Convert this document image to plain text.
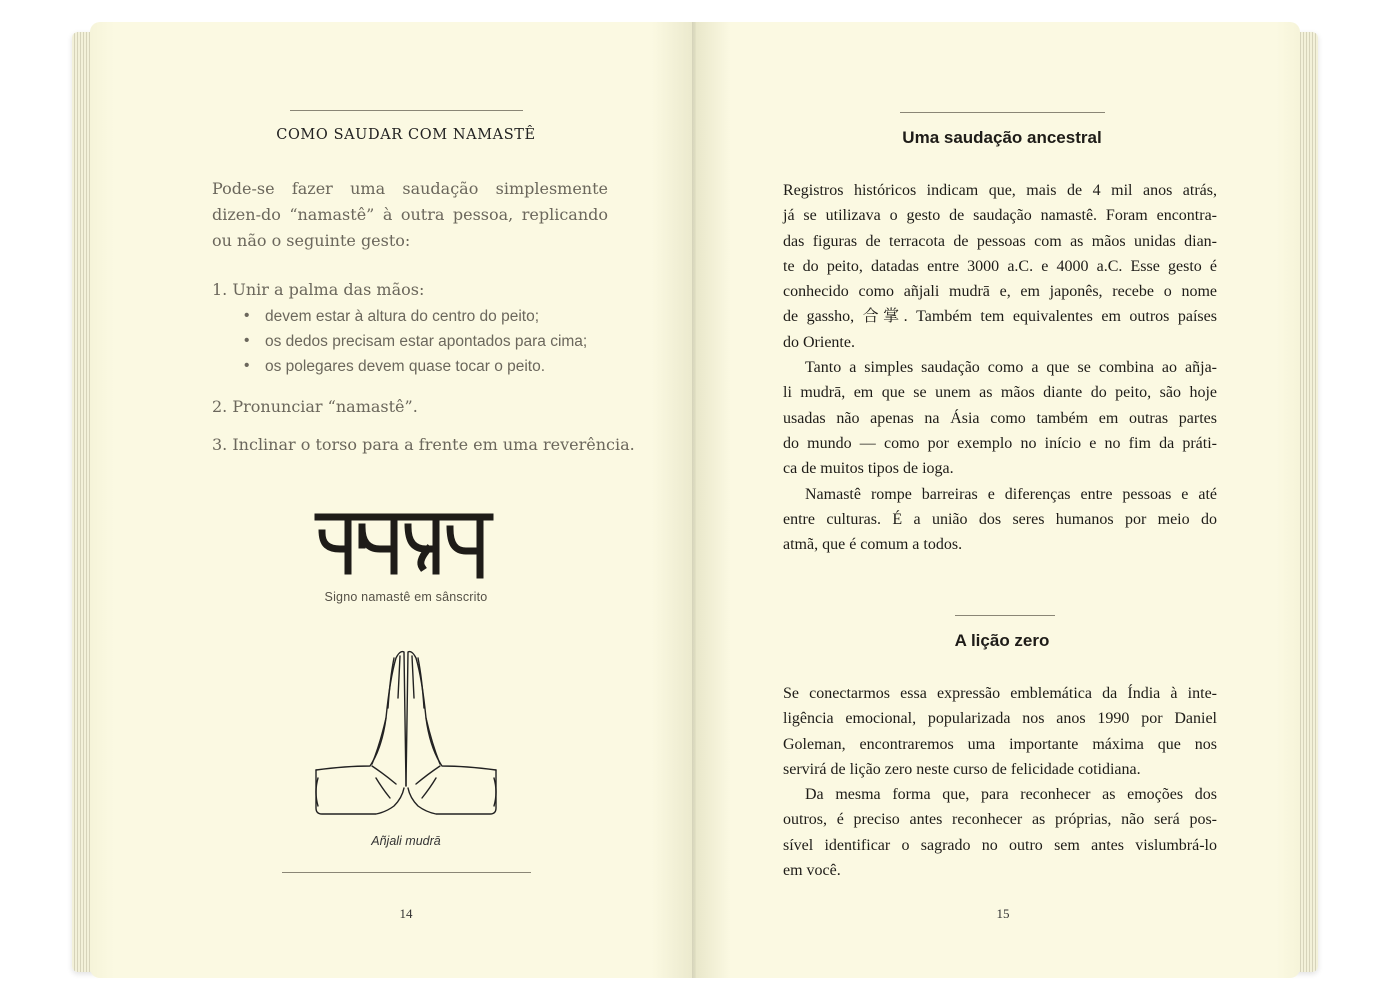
COMO SAUDAR COM NAMASTÊ
Pode-se fazer uma saudação simplesmente dizen-do “namastê” à outra pessoa, replicando ou não o seguinte gesto:
1. Unir a palma das mãos:
• devem estar à altura do centro do peito;
• os dedos precisam estar apontados para cima;
• os polegares devem quase tocar o peito.
2. Pronunciar “namastê”.
3. Inclinar o torso para a frente em uma reverência.
Signo namastê em sânscrito
Añjali mudrā
14
Uma saudação ancestral
Registros históricos indicam que, mais de 4 mil anos atrás,
já se utilizava o gesto de saudação namastê. Foram encontra-
das figuras de terracota de pessoas com as mãos unidas dian-
te do peito, datadas entre 3000 a.C. e 4000 a.C. Esse gesto é
conhecido como añjali mudrā e, em japonês, recebe o nome
de gassho, 合掌. Também tem equivalentes em outros países
do Oriente.
Tanto a simples saudação como a que se combina ao añja-
li mudrā, em que se unem as mãos diante do peito, são hoje
usadas não apenas na Ásia como também em outras partes
do mundo — como por exemplo no início e no fim da práti-
ca de muitos tipos de ioga.
Namastê rompe barreiras e diferenças entre pessoas e até
entre culturas. É a união dos seres humanos por meio do
atmã, que é comum a todos.
A lição zero
Se conectarmos essa expressão emblemática da Índia à inte-
ligência emocional, popularizada nos anos 1990 por Daniel
Goleman, encontraremos uma importante máxima que nos
servirá de lição zero neste curso de felicidade cotidiana.
Da mesma forma que, para reconhecer as emoções dos
outros, é preciso antes reconhecer as próprias, não será pos-
sível identificar o sagrado no outro sem antes vislumbrá-lo
em você.
15
